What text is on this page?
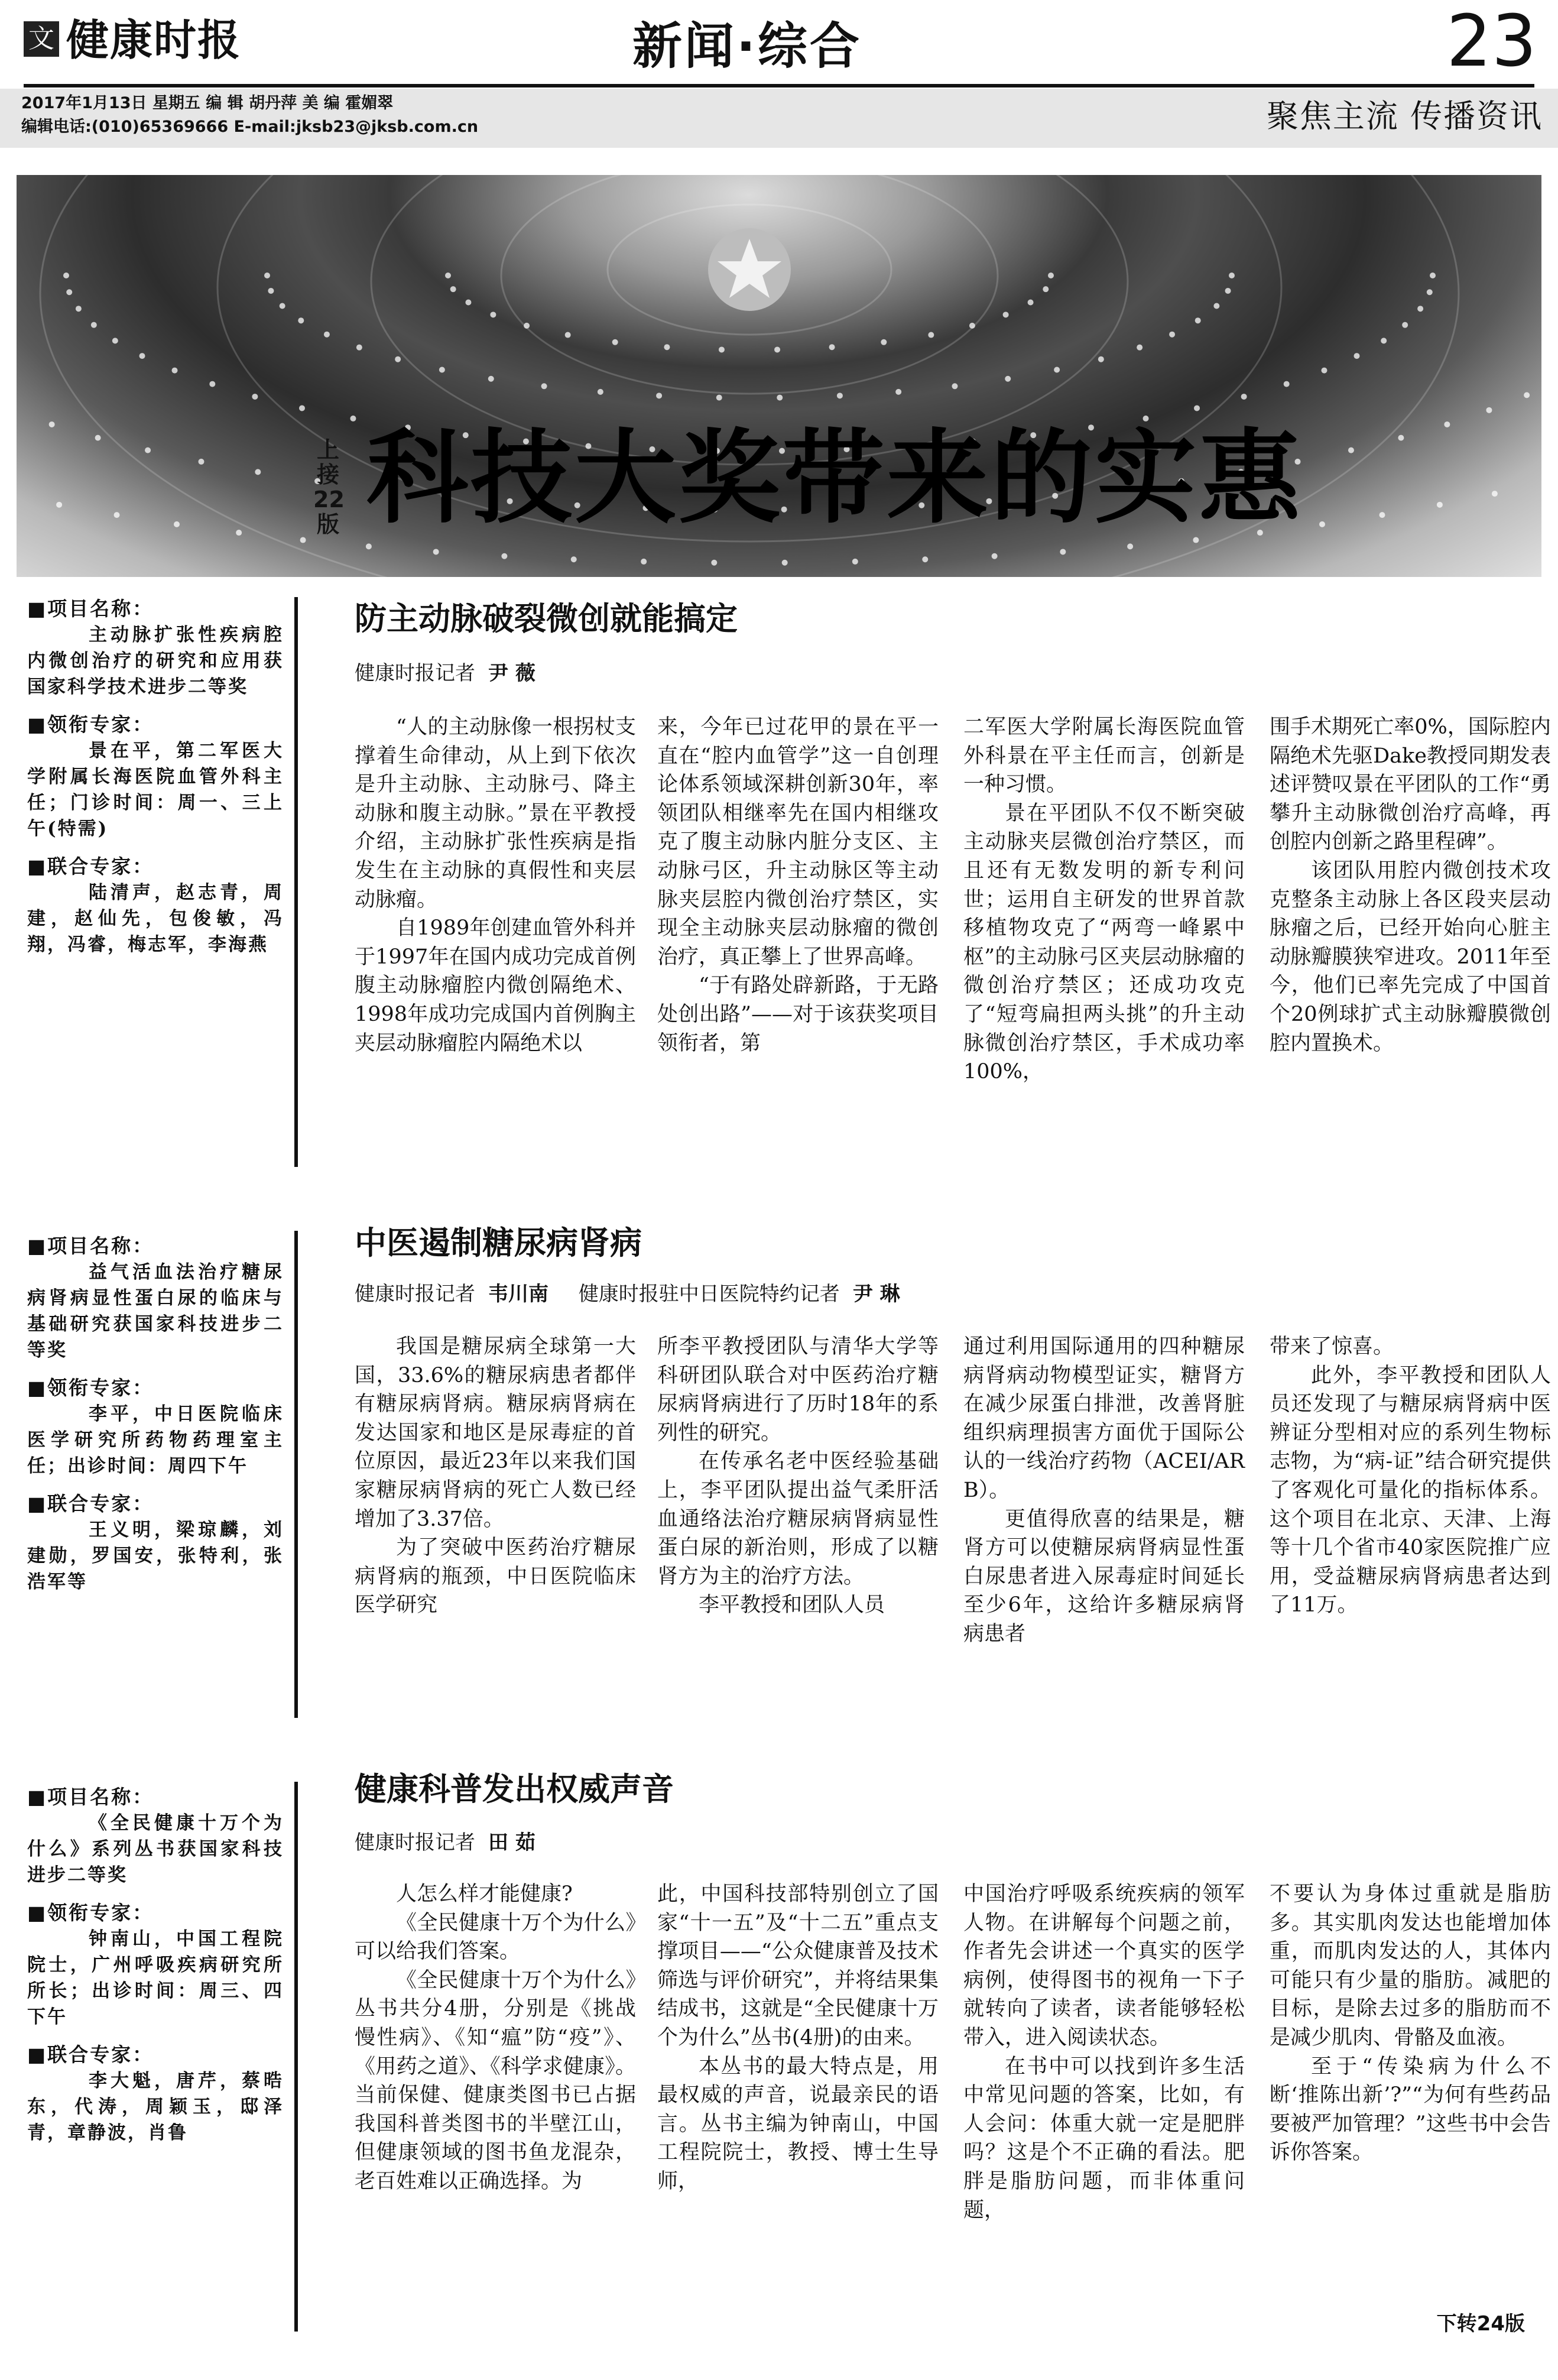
文 健康时报	新闻·综合	23
2017年1月13日 星期五 编 辑 胡丹萍 美 编 霍媚翠
编辑电话:(010)65369666 E-mail:jksb23@jksb.com.cn	聚焦主流 传播资讯
上接22版 科技大奖带来的实惠
■项目名称：
主动脉扩张性疾病腔内微创治疗的研究和应用获国家科学技术进步二等奖
■领衔专家：
景在平，第二军医大学附属长海医院血管外科主任；门诊时间：周一、三上午(特需)
■联合专家：
陆清声，赵志青，周建，赵仙先，包俊敏，冯翔，冯睿，梅志军，李海燕
防主动脉破裂微创就能搞定
健康时报记者 尹 薇

“人的主动脉像一根拐杖支撑着生命律动，从上到下依次是升主动脉、主动脉弓、降主动脉和腹主动脉。”景在平教授介绍，主动脉扩张性疾病是指发生在主动脉的真假性和夹层动脉瘤。

自1989年创建血管外科并于1997年在国内成功完成首例腹主动脉瘤腔内微创隔绝术、1998年成功完成国内首例胸主夹层动脉瘤腔内隔绝术以

来，今年已过花甲的景在平一直在“腔内血管学”这一自创理论体系领域深耕创新30年，率领团队相继率先在国内相继攻克了腹主动脉内脏分支区、主动脉弓区，升主动脉区等主动脉夹层腔内微创治疗禁区，实现全主动脉夹层动脉瘤的微创治疗，真正攀上了世界高峰。

“于有路处辟新路，于无路处创出路”——对于该获奖项目领衔者，第

二军医大学附属长海医院血管外科景在平主任而言，创新是一种习惯。

景在平团队不仅不断突破主动脉夹层微创治疗禁区，而且还有无数发明的新专利问世；运用自主研发的世界首款移植物攻克了“两弯一峰累中枢”的主动脉弓区夹层动脉瘤的微创治疗禁区；还成功攻克了“短弯扁担两头挑”的升主动脉微创治疗禁区，手术成功率100%，

围手术期死亡率0%，国际腔内隔绝术先驱Dake教授同期发表述评赞叹景在平团队的工作“勇攀升主动脉微创治疗高峰，再创腔内创新之路里程碑”。

该团队用腔内微创技术攻克整条主动脉上各区段夹层动脉瘤之后，已经开始向心脏主动脉瓣膜狭窄进攻。2011年至今，他们已率先完成了中国首个20例球扩式主动脉瓣膜微创腔内置换术。

■项目名称：
益气活血法治疗糖尿病肾病显性蛋白尿的临床与基础研究获国家科技进步二等奖
■领衔专家：
李平，中日医院临床医学研究所药物药理室主任；出诊时间：周四下午
■联合专家：
王义明，梁琼麟，刘建勋，罗国安，张特利，张浩军等
中医遏制糖尿病肾病
健康时报记者 韦川南 健康时报驻中日医院特约记者 尹 琳

我国是糖尿病全球第一大国，33.6%的糖尿病患者都伴有糖尿病肾病。糖尿病肾病在发达国家和地区是尿毒症的首位原因，最近23年以来我们国家糖尿病肾病的死亡人数已经增加了3.37倍。

为了突破中医药治疗糖尿病肾病的瓶颈，中日医院临床医学研究

所李平教授团队与清华大学等科研团队联合对中医药治疗糖尿病肾病进行了历时18年的系列性的研究。

在传承名老中医经验基础上，李平团队提出益气柔肝活血通络法治疗糖尿病肾病显性蛋白尿的新治则，形成了以糖肾方为主的治疗方法。

李平教授和团队人员

通过利用国际通用的四种糖尿病肾病动物模型证实，糖肾方在减少尿蛋白排泄，改善肾脏组织病理损害方面优于国际公认的一线治疗药物（ACEI/ARB）。

更值得欣喜的结果是，糖肾方可以使糖尿病肾病显性蛋白尿患者进入尿毒症时间延长至少6年，这给许多糖尿病肾病患者

带来了惊喜。

此外，李平教授和团队人员还发现了与糖尿病肾病中医辨证分型相对应的系列生物标志物，为“病-证”结合研究提供了客观化可量化的指标体系。这个项目在北京、天津、上海等十几个省市40家医院推广应用，受益糖尿病肾病患者达到了11万。

■项目名称：
《全民健康十万个为什么》系列丛书获国家科技进步二等奖
■领衔专家：
钟南山，中国工程院院士，广州呼吸疾病研究所所长；出诊时间：周三、四下午
■联合专家：
李大魁，唐芹，蔡晧东，代涛，周颖玉，邸泽青，章静波，肖鲁
健康科普发出权威声音
健康时报记者 田 茹

人怎么样才能健康?

《全民健康十万个为什么》可以给我们答案。

《全民健康十万个为什么》丛书共分4册，分别是《挑战慢性病》、《知“瘟”防“疫”》、《用药之道》、《科学求健康》。当前保健、健康类图书已占据我国科普类图书的半壁江山，但健康领域的图书鱼龙混杂，老百姓难以正确选择。为

此，中国科技部特别创立了国家“十一五”及“十二五”重点支撑项目——“公众健康普及技术筛选与评价研究”，并将结果集结成书，这就是“全民健康十万个为什么”丛书(4册)的由来。

本丛书的最大特点是，用最权威的声音，说最亲民的语言。丛书主编为钟南山，中国工程院院士，教授、博士生导师，

中国治疗呼吸系统疾病的领军人物。在讲解每个问题之前，作者先会讲述一个真实的医学病例，使得图书的视角一下子就转向了读者，读者能够轻松带入，进入阅读状态。

在书中可以找到许多生活中常见问题的答案，比如，有人会问：体重大就一定是肥胖吗？这是个不正确的看法。肥胖是脂肪问题，而非体重问题，

不要认为身体过重就是脂肪多。其实肌肉发达也能增加体重，而肌肉发达的人，其体内可能只有少量的脂肪。减肥的目标，是除去过多的脂肪而不是减少肌肉、骨骼及血液。

至于“传染病为什么不断‘推陈出新’?”“为何有些药品要被严加管理？”这些书中会告诉你答案。

下转24版
